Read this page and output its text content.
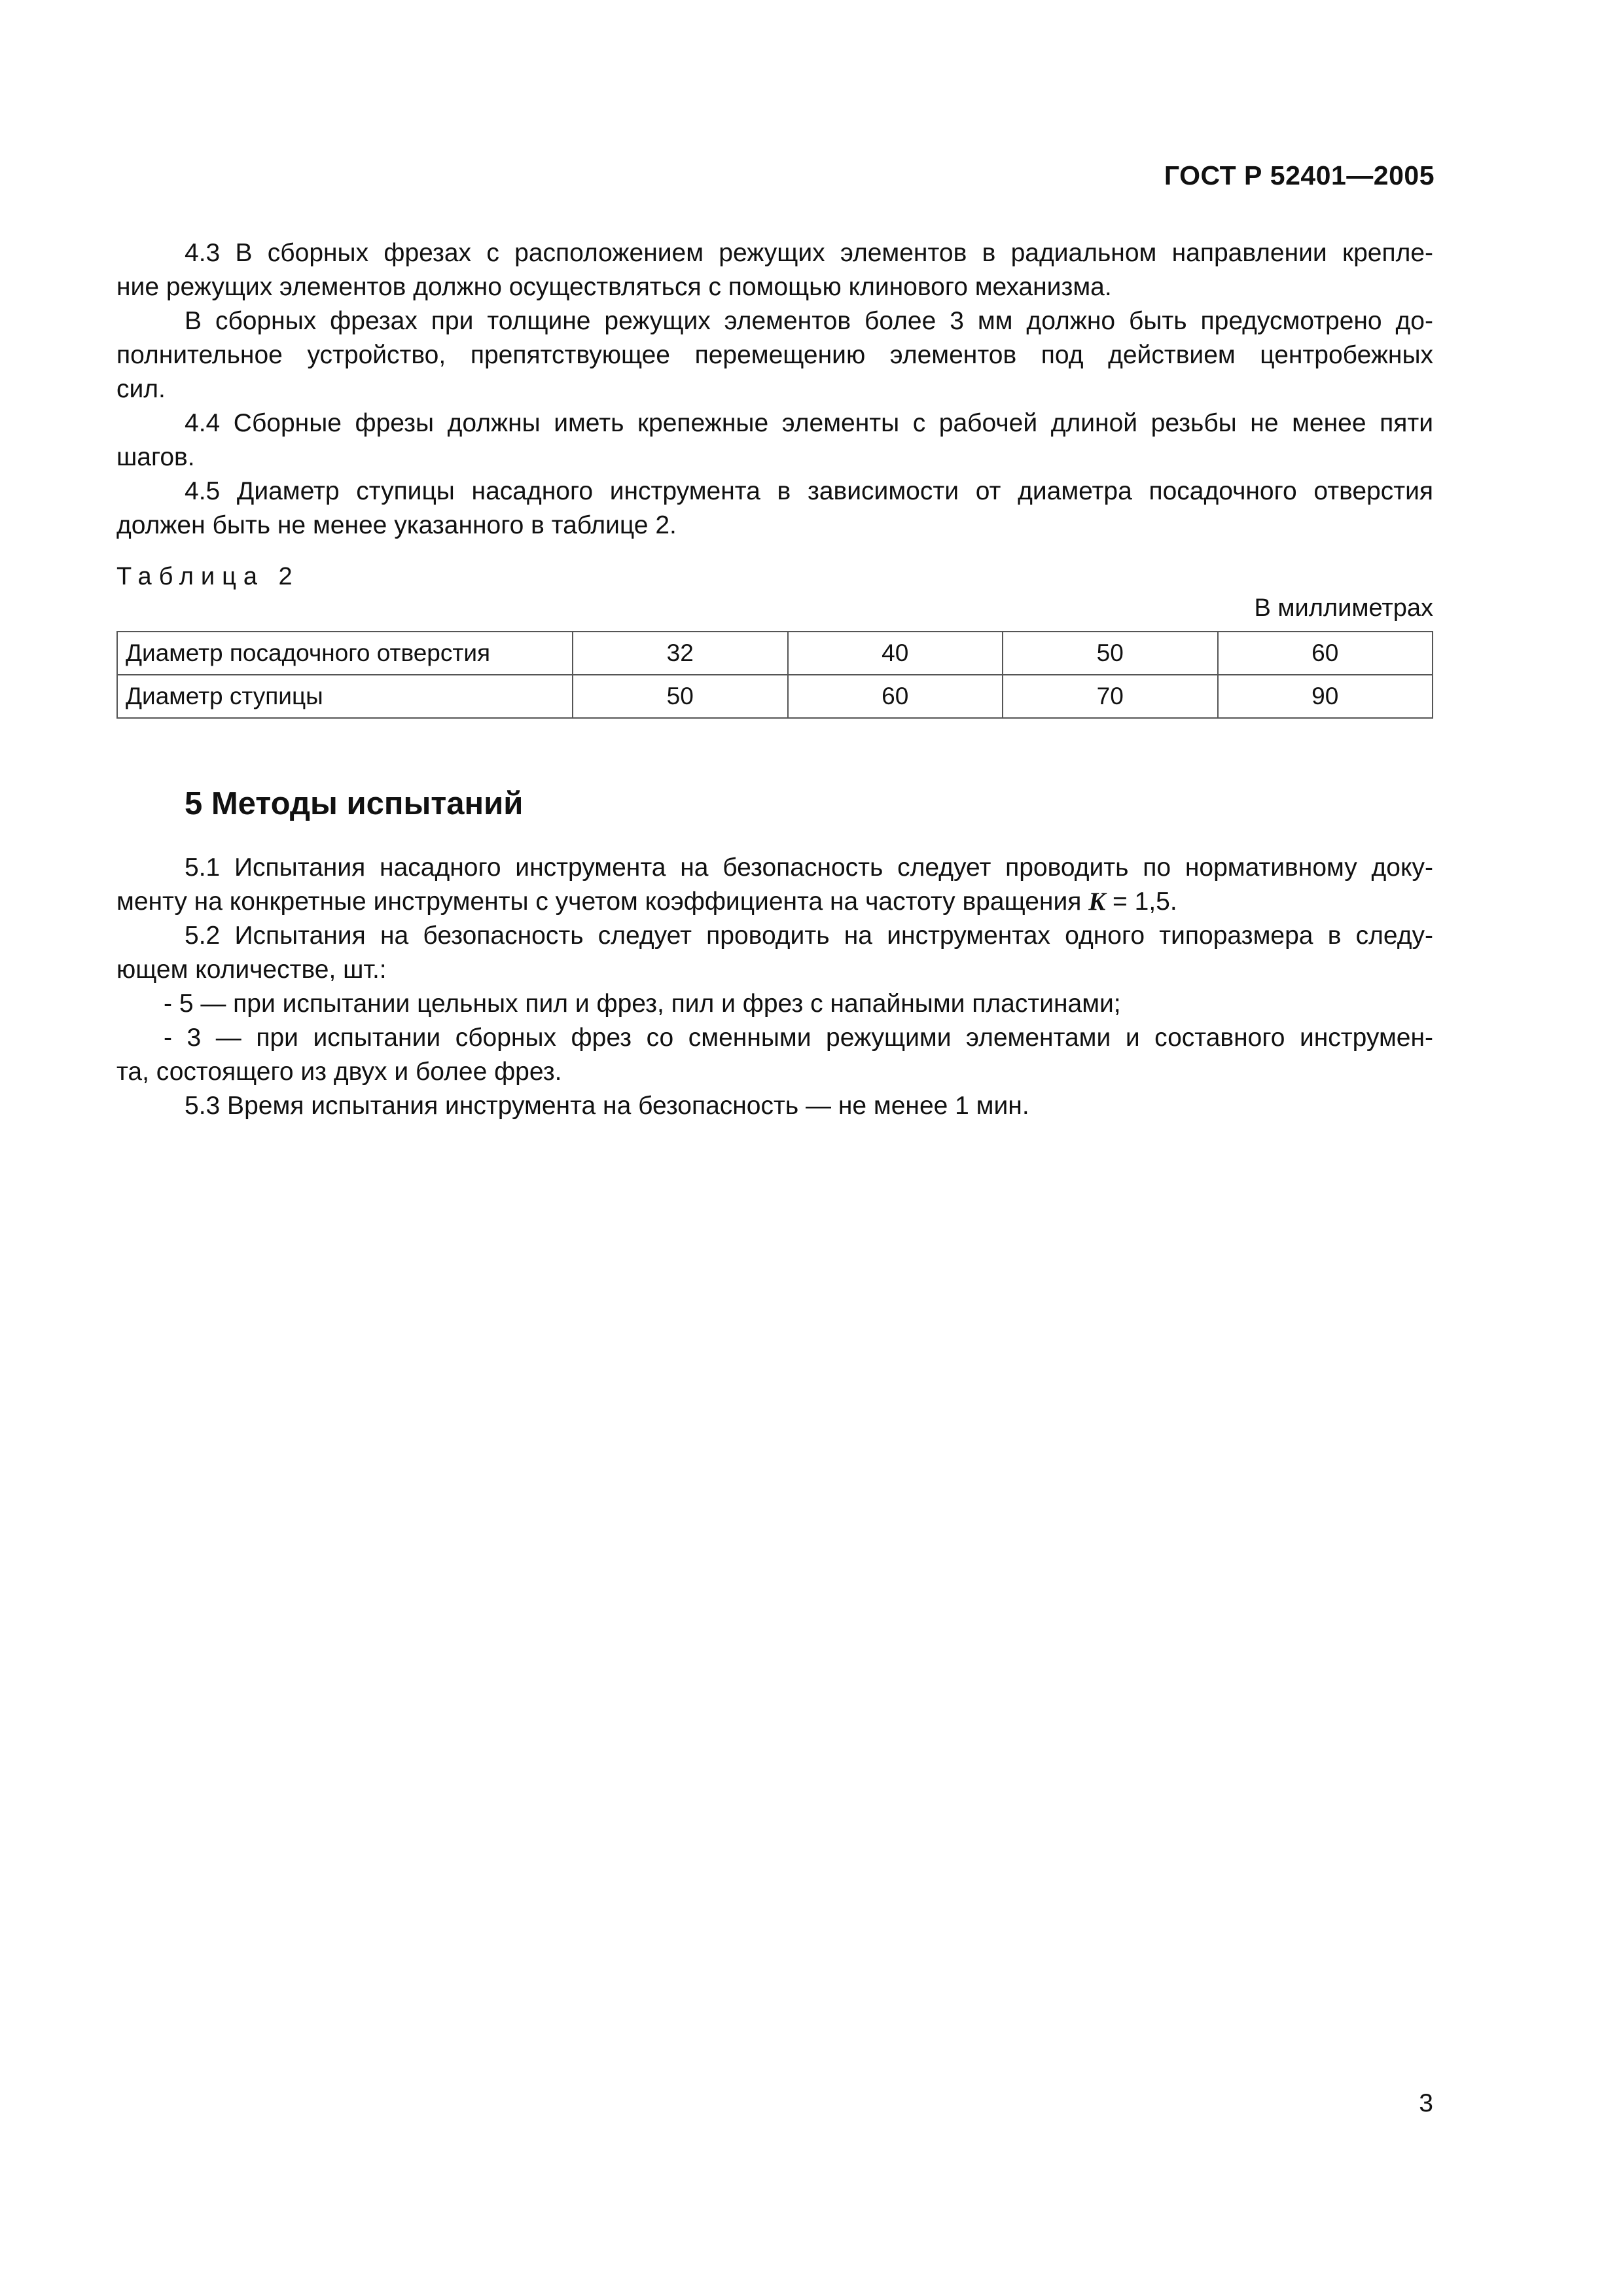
ГОСТ Р 52401—2005

4.3 В сборных фрезах с расположением режущих элементов в радиальном направлении крепле-

ние режущих элементов должно осуществляться с помощью клинового механизма.

В сборных фрезах при толщине режущих элементов более 3 мм должно быть предусмотрено до-

полнительное устройство, препятствующее перемещению элементов под действием центробежных

сил.

4.4 Сборные фрезы должны иметь крепежные элементы с рабочей длиной резьбы не менее пяти

шагов.

4.5 Диаметр ступицы насадного инструмента в зависимости от диаметра посадочного отверстия

должен быть не менее указанного в таблице 2.

Таблица 2
В миллиметрах
Диаметр посадочного отверстия	32	40	50	60
Диаметр ступицы	50	60	70	90
5 Методы испытаний

5.1 Испытания насадного инструмента на безопасность следует проводить по нормативному доку-

менту на конкретные инструменты с учетом коэффициента на частоту вращения K = 1,5.

5.2 Испытания на безопасность следует проводить на инструментах одного типоразмера в следу-

ющем количестве, шт.:

- 5 — при испытании цельных пил и фрез, пил и фрез с напайными пластинами;

- 3 — при испытании сборных фрез со сменными режущими элементами и составного инструмен-

та, состоящего из двух и более фрез.

5.3 Время испытания инструмента на безопасность — не менее 1 мин.

3
